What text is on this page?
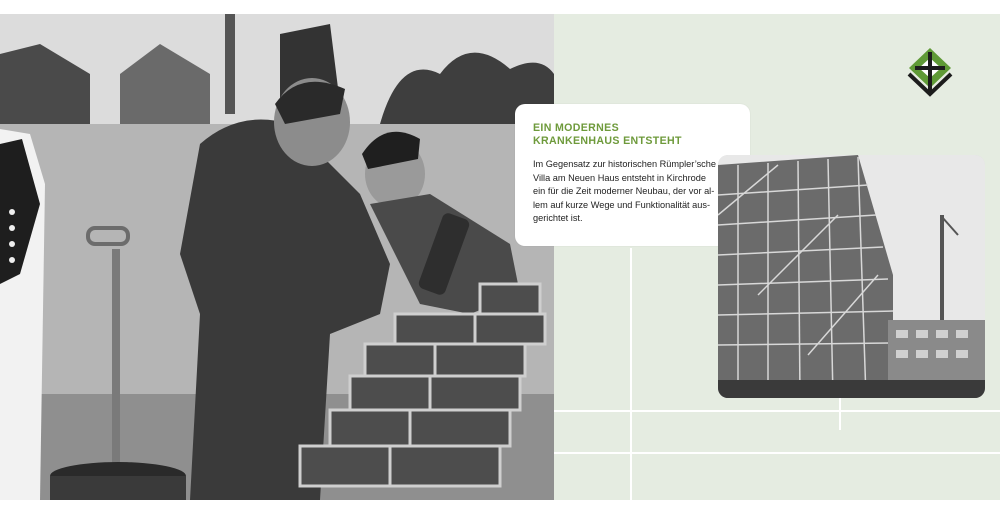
EIN MODERNES
KRANKENHAUS ENTSTEHT
Im Gegensatz zur historischen Rümpler’sche
Villa am Neuen Haus entsteht in Kirchrode
ein für die Zeit moderner Neubau, der vor al-
lem auf kurze Wege und Funktionalität aus-
gerichtet ist.
